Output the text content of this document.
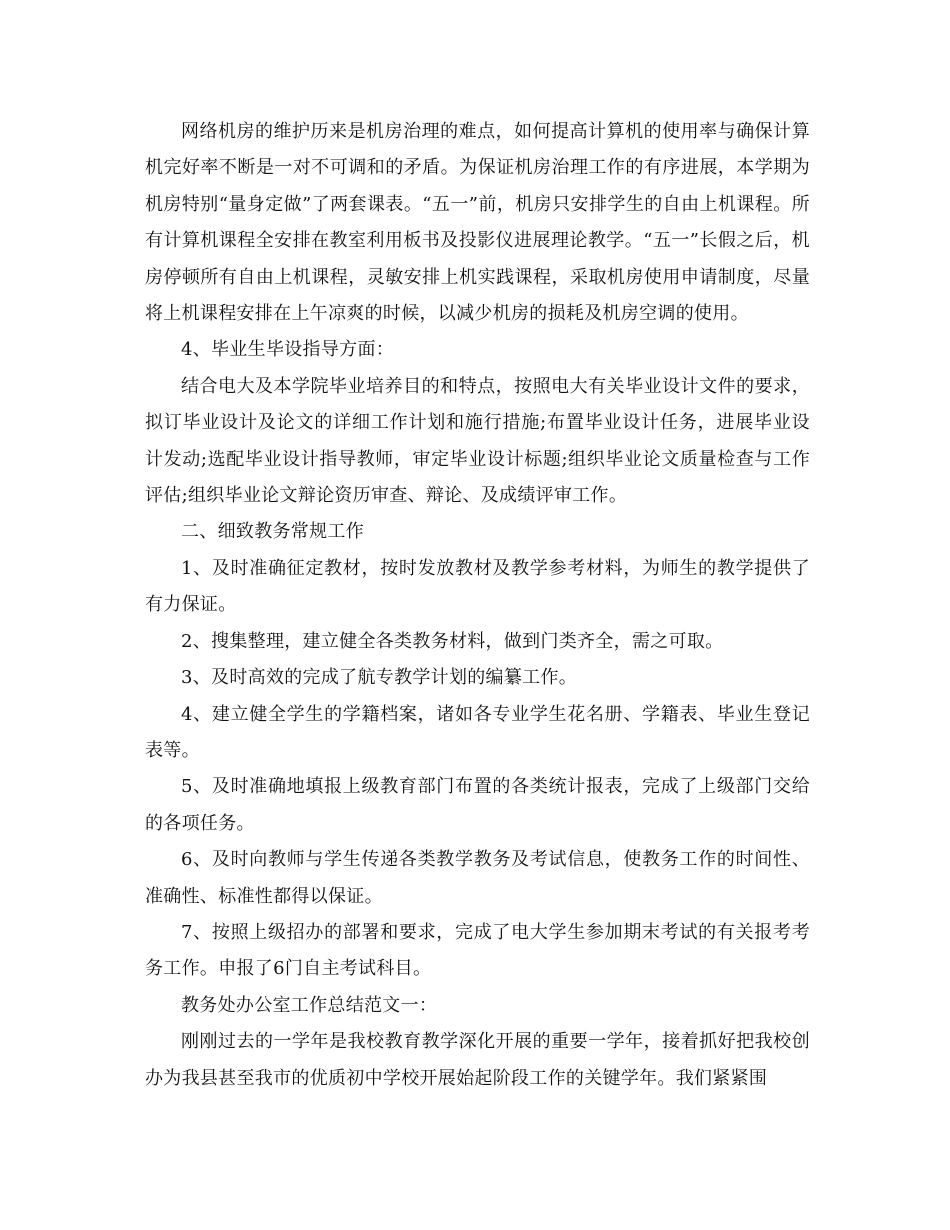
网络机房的维护历来是机房治理的难点，如何提高计算机的使用率与确保计算机完好率不断是一对不可调和的矛盾。为保证机房治理工作的有序进展，本学期为机房特别“量身定做”了两套课表。“五一”前，机房只安排学生的自由上机课程。所有计算机课程全安排在教室利用板书及投影仪进展理论教学。“五一”长假之后，机房停顿所有自由上机课程，灵敏安排上机实践课程，采取机房使用申请制度，尽量将上机课程安排在上午凉爽的时候，以减少机房的损耗及机房空调的使用。

4、毕业生毕设指导方面：

结合电大及本学院毕业培养目的和特点，按照电大有关毕业设计文件的要求，拟订毕业设计及论文的详细工作计划和施行措施;布置毕业设计任务，进展毕业设计发动;选配毕业设计指导教师，审定毕业设计标题;组织毕业论文质量检查与工作评估;组织毕业论文辩论资历审查、辩论、及成绩评审工作。

二、细致教务常规工作

1、及时准确征定教材，按时发放教材及教学参考材料，为师生的教学提供了有力保证。

2、搜集整理，建立健全各类教务材料，做到门类齐全，需之可取。

3、及时高效的完成了航专教学计划的编纂工作。

4、建立健全学生的学籍档案，诸如各专业学生花名册、学籍表、毕业生登记表等。

5、及时准确地填报上级教育部门布置的各类统计报表，完成了上级部门交给的各项任务。

6、及时向教师与学生传递各类教学教务及考试信息，使教务工作的时间性、准确性、标准性都得以保证。

7、按照上级招办的部署和要求，完成了电大学生参加期末考试的有关报考考务工作。申报了6门自主考试科目。

教务处办公室工作总结范文一：

刚刚过去的一学年是我校教育教学深化开展的重要一学年，接着抓好把我校创办为我县甚至我市的优质初中学校开展始起阶段工作的关键学年。我们紧紧围
